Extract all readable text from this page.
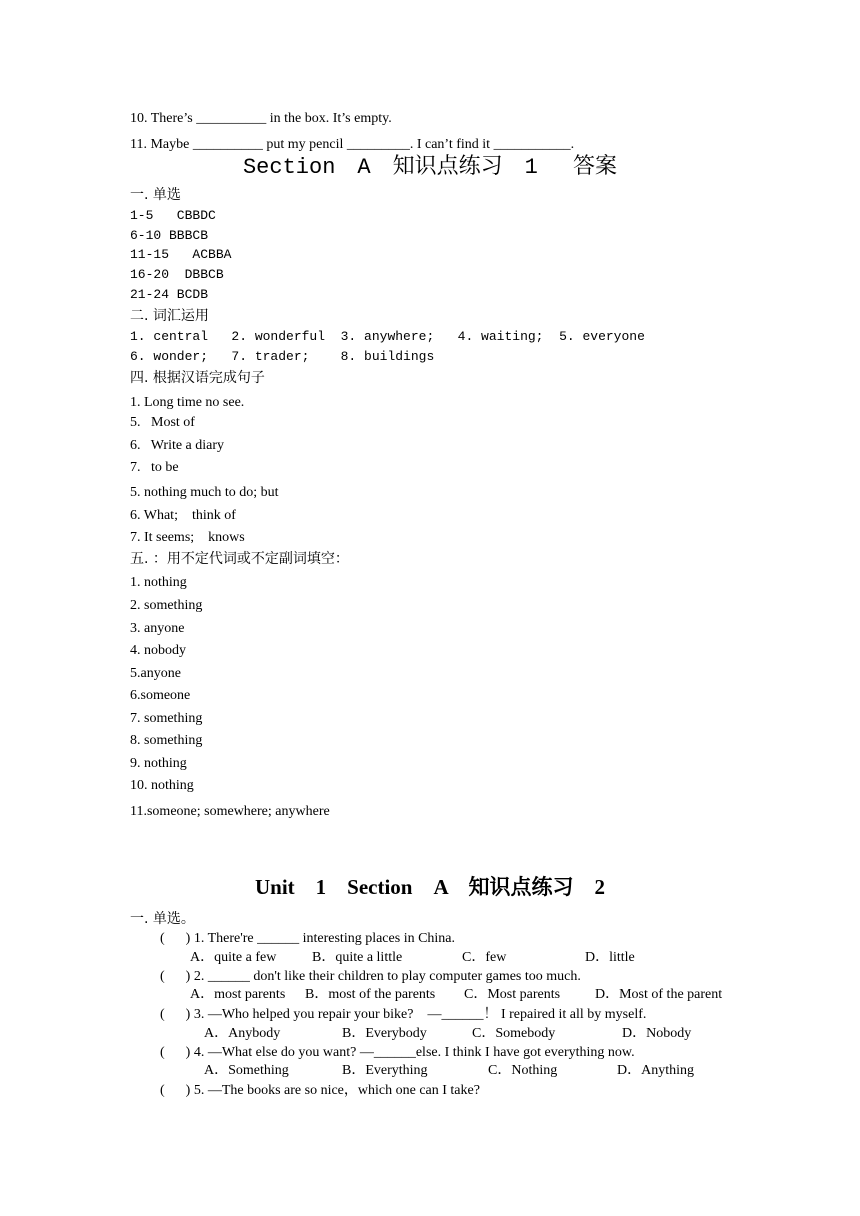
10. There’s __________ in the box. It’s empty.
11. Maybe __________ put my pencil _________. I can’t find it ___________.
Section　A　知识点练习　1　 答案
一. 单选
1-5   CBBDC
6-10 BBBCB
11-15   ACBBA
16-20  DBBCB
21-24 BCDB
二. 词汇运用
1. central   2. wonderful  3. anywhere;   4. waiting;  5. everyone
6. wonder;   7. trader;    8. buildings
四. 根据汉语完成句子
1. Long time no see.
5.   Most of
6.   Write a diary
7.   to be
5. nothing much to do; but
6. What;    think of
7. It seems;    knows
五. ：用不定代词或不定副词填空：
1. nothing
2. something
3. anyone
4. nobody
5.anyone
6.someone
7. something
8. something
9. nothing
10. nothing
11.someone; somewhere; anywhere
Unit　1　Section　A　知识点练习　2
一. 单选。
(      ) 1. There're ______ interesting places in China.
A．quite a few	B．quite a little	C．few	D．little
(      ) 2. ______ don't like their children to play computer games too much.
A．most parents B．most of the parents C．Most parents D．Most of the parent
(      ) 3. —Who helped you repair your bike?    —______！ I repaired it all by myself.
A．Anybody	B．Everybody	C．Somebody	D．Nobody
(      ) 4. —What else do you want? —______else. I think I have got everything now.
A．Something	B．Everything	C．Nothing	D．Anything
(      ) 5. —The books are so nice，which one can I take?
